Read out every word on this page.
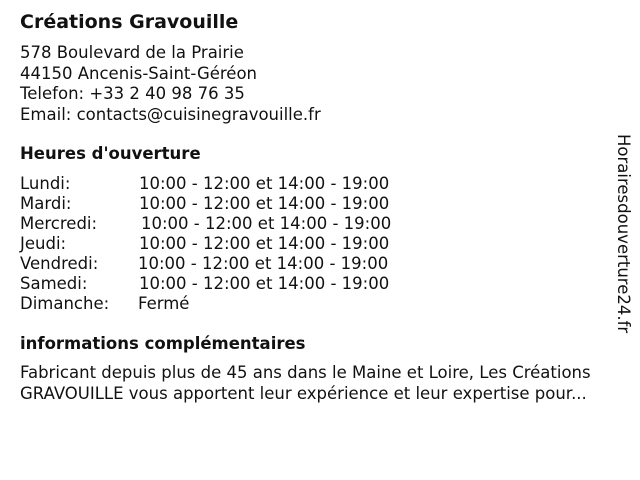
Créations Gravouille
578 Boulevard de la Prairie
44150 Ancenis-Saint-Géréon
Telefon: +33 2 40 98 76 35
Email: contacts@cuisinegravouille.fr
Heures d'ouverture
Lundi:	10:00 - 12:00 et 14:00 - 19:00
Mardi:	10:00 - 12:00 et 14:00 - 19:00
Mercredi:	10:00 - 12:00 et 14:00 - 19:00
Jeudi:	10:00 - 12:00 et 14:00 - 19:00
Vendredi: 10:00 - 12:00 et 14:00 - 19:00
Samedi:	10:00 - 12:00 et 14:00 - 19:00
Dimanche: Fermé
informations complémentaires
Fabricant depuis plus de 45 ans dans le Maine et Loire, Les Créations
GRAVOUILLE vous apportent leur expérience et leur expertise pour...
Horairesdouverture24.fr
